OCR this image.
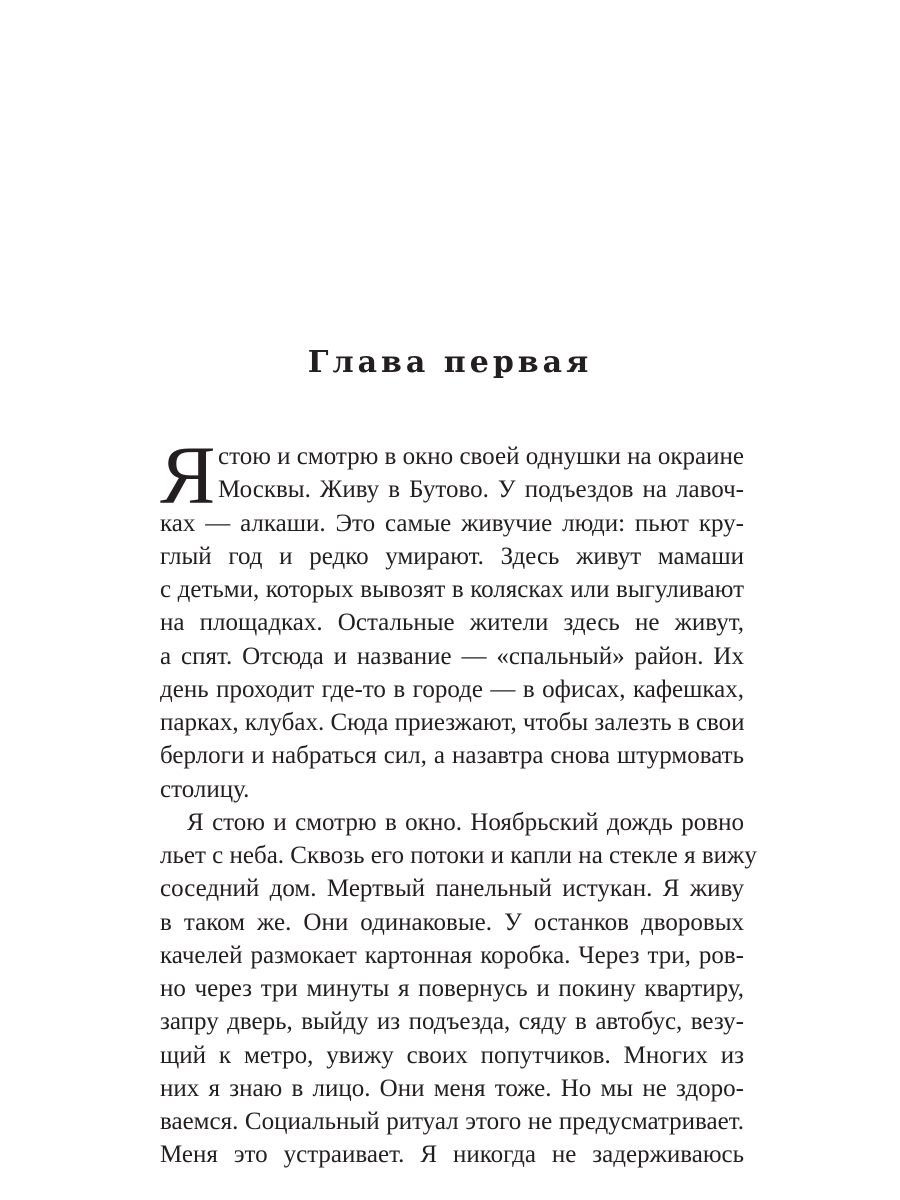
Глава первая
Я стою и смотрю в окно своей однушки на окраине
Москвы. Живу в Бутово. У подъездов на лавоч-
ках — алкаши. Это самые живучие люди: пьют кру-
глый год и редко умирают. Здесь живут мамаши
с детьми, которых вывозят в колясках или выгуливают
на площадках. Остальные жители здесь не живут,
а спят. Отсюда и название — «спальный» район. Их
день проходит где-то в городе — в офисах, кафешках,
парках, клубах. Сюда приезжают, чтобы залезть в свои
берлоги и набраться сил, а назавтра снова штурмовать
столицу.
Я стою и смотрю в окно. Ноябрьский дождь ровно
льет с неба. Сквозь его потоки и капли на стекле я вижу
соседний дом. Мертвый панельный истукан. Я живу
в таком же. Они одинаковые. У останков дворовых
качелей размокает картонная коробка. Через три, ров-
но через три минуты я повернусь и покину квартиру,
запру дверь, выйду из подъезда, сяду в автобус, везу-
щий к метро, увижу своих попутчиков. Многих из
них я знаю в лицо. Они меня тоже. Но мы не здоро-
ваемся. Социальный ритуал этого не предусматривает.
Меня это устраивает. Я никогда не задерживаюсь
